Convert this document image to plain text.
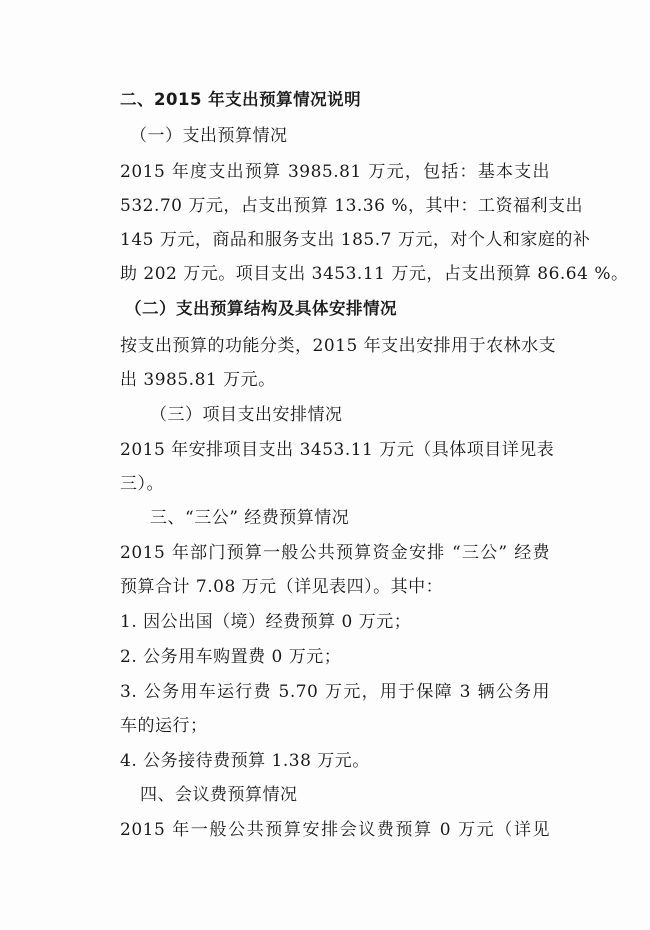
二、2015 年支出预算情况说明
（一）支出预算情况
2015 年度支出预算 3985.81 万元，包括：基本支出
532.70 万元，占支出预算 13.36 %，其中：工资福利支出
145 万元，商品和服务支出 185.7 万元，对个人和家庭的补
助 202 万元。项目支出 3453.11 万元，占支出预算 86.64 %。
（二）支出预算结构及具体安排情况
按支出预算的功能分类，2015 年支出安排用于农林水支
出 3985.81 万元。
（三）项目支出安排情况
2015 年安排项目支出 3453.11 万元（具体项目详见表
三）。
三、“三公” 经费预算情况
2015 年部门预算一般公共预算资金安排 “三公” 经费
预算合计 7.08 万元（详见表四）。其中：
1. 因公出国（境）经费预算 0 万元；
2. 公务用车购置费 0 万元；
3. 公务用车运行费 5.70 万元，用于保障 3 辆公务用
车的运行；
4. 公务接待费预算 1.38 万元。
四、会议费预算情况
2015 年一般公共预算安排会议费预算 0 万元（详见
